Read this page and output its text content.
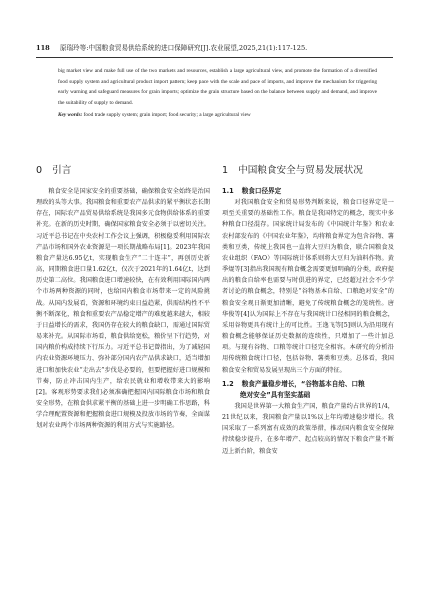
118 原瑞玲等:中国粮食贸易供给系统的进口保障研究[J].农业展望,2025,21(1):117-125.

big market view and make full use of the two markets and resources, establish a large agricultural view, and promote the formation of a diversified food supply system and agricultural product import pattern; keep pace with the scale and pace of imports, and improve the mechanism for triggering early warning and safeguard measures for grain imports; optimize the grain structure based on the balance between supply and demand, and improve the suitability of supply to demand.

Key words: food trade supply system; grain import; food security; a large agricultural view

0 引言

粮食安全是国家安全的重要基础，确保粮食安全始终是治国理政的头等大事。我国粮食和重要农产品供求的紧平衡状态长期存在，国际农产品贸易供给系统是我国多元食物供给体系的重要补充。在新的历史时期，确保国家粮食安全必须于以密切关注。习近平总书记在中央农村工作会议上强调，积极稳妥利用国际农产品市场和国外农业资源是一项长期战略布局[1]。2023年我国粮食产量达6.95亿t，实现粮食生产“二十连丰”，再创历史新高，同期粮食进口量1.62亿t，仅次于2021年的1.64亿t，达到历史第二高位。我国粮食进口增速较快，在有效利用国际国内两个市场两种资源的同时，也给国内粮食市场带来一定的风险挑战。从国内发展看，资源和环境约束日益趋紧，供需结构性不平衡不断深化，粮食和重要农产品稳定增产的难度越来越大，相较于日益增长的需求，我国仍存在较大的粮食缺口，需通过国际贸易来补充。从国际市场看，粮食供给宽松，粮价呈下行趋势，对国内粮价构成持续下行压力。习近平总书记曾指出，为了减轻国内农业资源环境压力、弥补部分国内农产品供求缺口，适当增加进口和加快农业“走出去”步伐是必要的，但要把握好进口规模和节奏，防止冲击国内生产，给农民就业和增收带来大的影响[2]。客观形势要求我们必须准确把握国内国际粮食市场和粮食安全形势，在粮食供求紧平衡的基础上进一步明确工作思路，科学合理配置资源和把握粮食进口规模及投放市场的节奏，全面谋划对农业两个市场两种资源的利用方式与实施路径。

1 中国粮食安全与贸易发展状况
1.1 粮食口径界定

对我国粮食安全和贸易形势判断来说，粮食口径界定是一项至关重要的基础性工作。粮食是我国特定的概念，现实中多种粮食口径混存。国家统计局发布的《中国统计年鉴》和农业农村部发布的《中国农业年鉴》，均将粮食界定为包含谷物、薯类和豆类，传统上我国也一直将大豆归为粮食，联合国粮食及农业组织（FAO）等国际统计体系则将大豆归为油料作物。黄季焜等[3]指出我国现有粮食概念需要更加明确的分类，政府提出的粮食自给率也需要与时俱进的界定，已经超过社会不少学者讨论的粮食概念，特别是“谷物基本自给、口粮绝对安全”的粮食安全观日渐更加清晰，避免了传统粮食概念的笼统性。唐华俊等[4]认为国际上不存在与我国统计口径相同的粮食概念，采用谷物更具有统计上的可比性。王逸飞等[5]则认为沿用现有粮食概念能够保证历史数据的连续性，只增加了一些计加总项。与现有谷物、口粮等统计口径完全相容。本研究的分析沿用传统粮食统计口径，包括谷物、薯类和豆类。总体看，我国粮食安全和贸易发展呈现出三个方面的特征。

1.2 粮食产量稳步增长，“谷物基本自给、口粮
绝对安全”具有坚实基础

我国是世界第一大粮食生产国，粮食产量约占世界的1/4，21世纪以来，我国粮食产量以1%以上年均增速稳步增长。我国采取了一系列富有成效的政策举措，推动国内粮食安全保障持续稳步提升，在多年增产、起点较高的情况下粮食产量不断迈上新台阶，粮食安
